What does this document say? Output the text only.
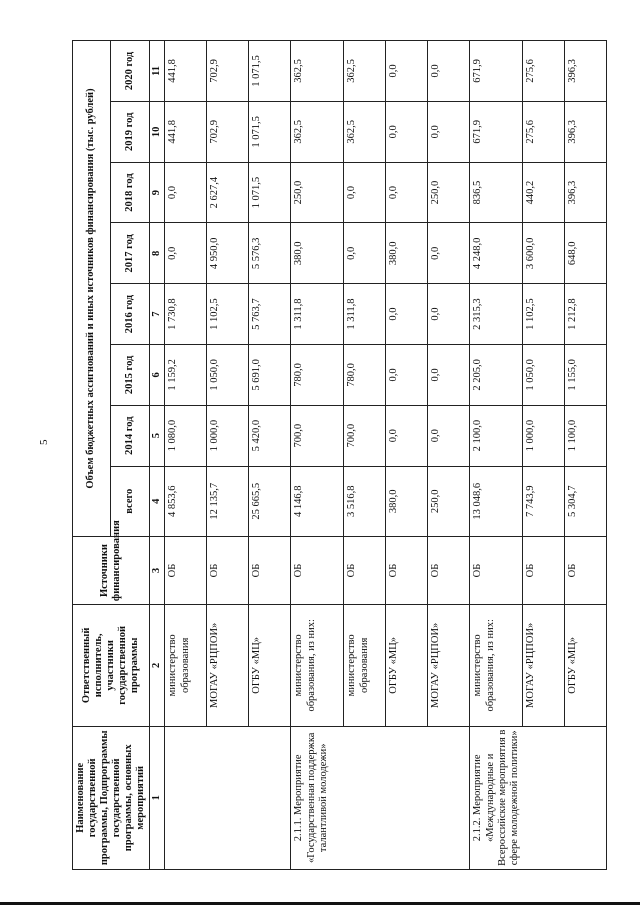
5
Наименование государственной программы, Подпрограммы государственной программы, основных мероприятий	Ответственный исполнитель, участники государственной программы	Источники финансирования	Объем бюджетных ассигнований и иных источников финансирования (тыс. рублей)							
			всего	2014 год	2015 год	2016 год	2017 год	2018 год	2019 год	2020 год
1	2	3	4	5	6	7	8	9	10	11
	министерство образования	ОБ	4 853,6	1 080,0	1 159,2	1 730,8	0,0	0,0	441,8	441,8
	МОГАУ «РЦПОИ»	ОБ	12 135,7	1 000,0	1 050,0	1 102,5	4 950,0	2 627,4	702,9	702,9
	ОГБУ «МЦ»	ОБ	25 665,5	5 420,0	5 691,0	5 763,7	5 576,3	1 071,5	1 071,5	1 071,5
2.1.1. Мероприятие «Государственная поддержка талантливой молодежи»	министерство образования, из них:	ОБ	4 146,8	700,0	780,0	1 311,8	380,0	250,0	362,5	362,5
	министерство образования	ОБ	3 516,8	700,0	780,0	1 311,8	0,0	0,0	362,5	362,5
	ОГБУ «МЦ»	ОБ	380,0	0,0	0,0	0,0	380,0	0,0	0,0	0,0
	МОГАУ «РЦПОИ»	ОБ	250,0	0,0	0,0	0,0	0,0	250,0	0,0	0,0
2.1.2. Мероприятие «Международные и Всероссийские мероприятия в сфере молодежной политики»	министерство образования, из них:	ОБ	13 048,6	2 100,0	2 205,0	2 315,3	4 248,0	836,5	671,9	671,9
	МОГАУ «РЦПОИ»	ОБ	7 743,9	1 000,0	1 050,0	1 102,5	3 600,0	440,2	275,6	275,6
	ОГБУ «МЦ»	ОБ	5 304,7	1 100,0	1 155,0	1 212,8	648,0	396,3	396,3	396,3
